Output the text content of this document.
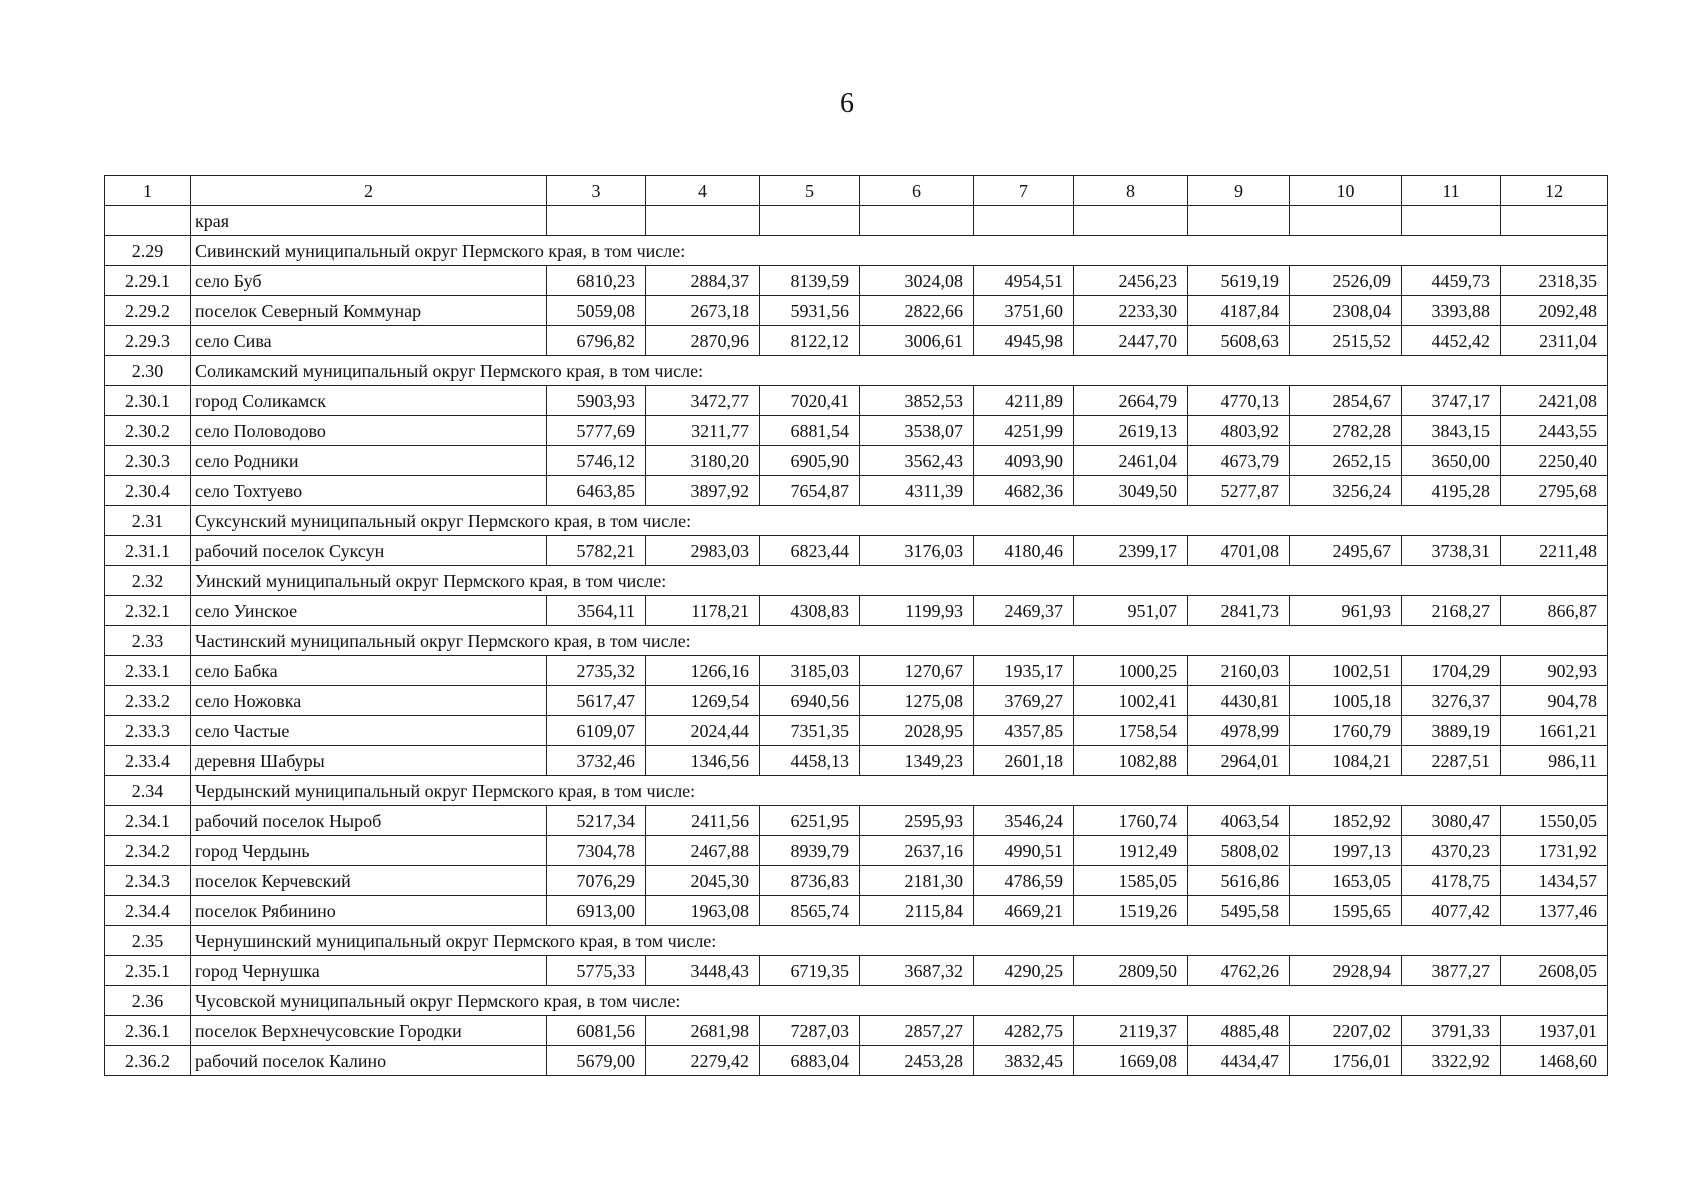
6
1	2	3	4	5	6	7	8	9	10	11	12
	края										
2.29	Сивинский муниципальный округ Пермского края, в том числе:										
2.29.1	село Буб	6810,23	2884,37	8139,59	3024,08	4954,51	2456,23	5619,19	2526,09	4459,73	2318,35
2.29.2	поселок Северный Коммунар	5059,08	2673,18	5931,56	2822,66	3751,60	2233,30	4187,84	2308,04	3393,88	2092,48
2.29.3	село Сива	6796,82	2870,96	8122,12	3006,61	4945,98	2447,70	5608,63	2515,52	4452,42	2311,04
2.30	Соликамский муниципальный округ Пермского края, в том числе:										
2.30.1	город Соликамск	5903,93	3472,77	7020,41	3852,53	4211,89	2664,79	4770,13	2854,67	3747,17	2421,08
2.30.2	село Половодово	5777,69	3211,77	6881,54	3538,07	4251,99	2619,13	4803,92	2782,28	3843,15	2443,55
2.30.3	село Родники	5746,12	3180,20	6905,90	3562,43	4093,90	2461,04	4673,79	2652,15	3650,00	2250,40
2.30.4	село Тохтуево	6463,85	3897,92	7654,87	4311,39	4682,36	3049,50	5277,87	3256,24	4195,28	2795,68
2.31	Суксунский муниципальный округ Пермского края, в том числе:										
2.31.1	рабочий поселок Суксун	5782,21	2983,03	6823,44	3176,03	4180,46	2399,17	4701,08	2495,67	3738,31	2211,48
2.32	Уинский муниципальный округ Пермского края, в том числе:										
2.32.1	село Уинское	3564,11	1178,21	4308,83	1199,93	2469,37	951,07	2841,73	961,93	2168,27	866,87
2.33	Частинский муниципальный округ Пермского края, в том числе:										
2.33.1	село Бабка	2735,32	1266,16	3185,03	1270,67	1935,17	1000,25	2160,03	1002,51	1704,29	902,93
2.33.2	село Ножовка	5617,47	1269,54	6940,56	1275,08	3769,27	1002,41	4430,81	1005,18	3276,37	904,78
2.33.3	село Частые	6109,07	2024,44	7351,35	2028,95	4357,85	1758,54	4978,99	1760,79	3889,19	1661,21
2.33.4	деревня Шабуры	3732,46	1346,56	4458,13	1349,23	2601,18	1082,88	2964,01	1084,21	2287,51	986,11
2.34	Чердынский муниципальный округ Пермского края, в том числе:										
2.34.1	рабочий поселок Ныроб	5217,34	2411,56	6251,95	2595,93	3546,24	1760,74	4063,54	1852,92	3080,47	1550,05
2.34.2	город Чердынь	7304,78	2467,88	8939,79	2637,16	4990,51	1912,49	5808,02	1997,13	4370,23	1731,92
2.34.3	поселок Керчевский	7076,29	2045,30	8736,83	2181,30	4786,59	1585,05	5616,86	1653,05	4178,75	1434,57
2.34.4	поселок Рябинино	6913,00	1963,08	8565,74	2115,84	4669,21	1519,26	5495,58	1595,65	4077,42	1377,46
2.35	Чернушинский муниципальный округ Пермского края, в том числе:										
2.35.1	город Чернушка	5775,33	3448,43	6719,35	3687,32	4290,25	2809,50	4762,26	2928,94	3877,27	2608,05
2.36	Чусовской муниципальный округ Пермского края, в том числе:										
2.36.1	поселок Верхнечусовские Городки	6081,56	2681,98	7287,03	2857,27	4282,75	2119,37	4885,48	2207,02	3791,33	1937,01
2.36.2	рабочий поселок Калино	5679,00	2279,42	6883,04	2453,28	3832,45	1669,08	4434,47	1756,01	3322,92	1468,60
